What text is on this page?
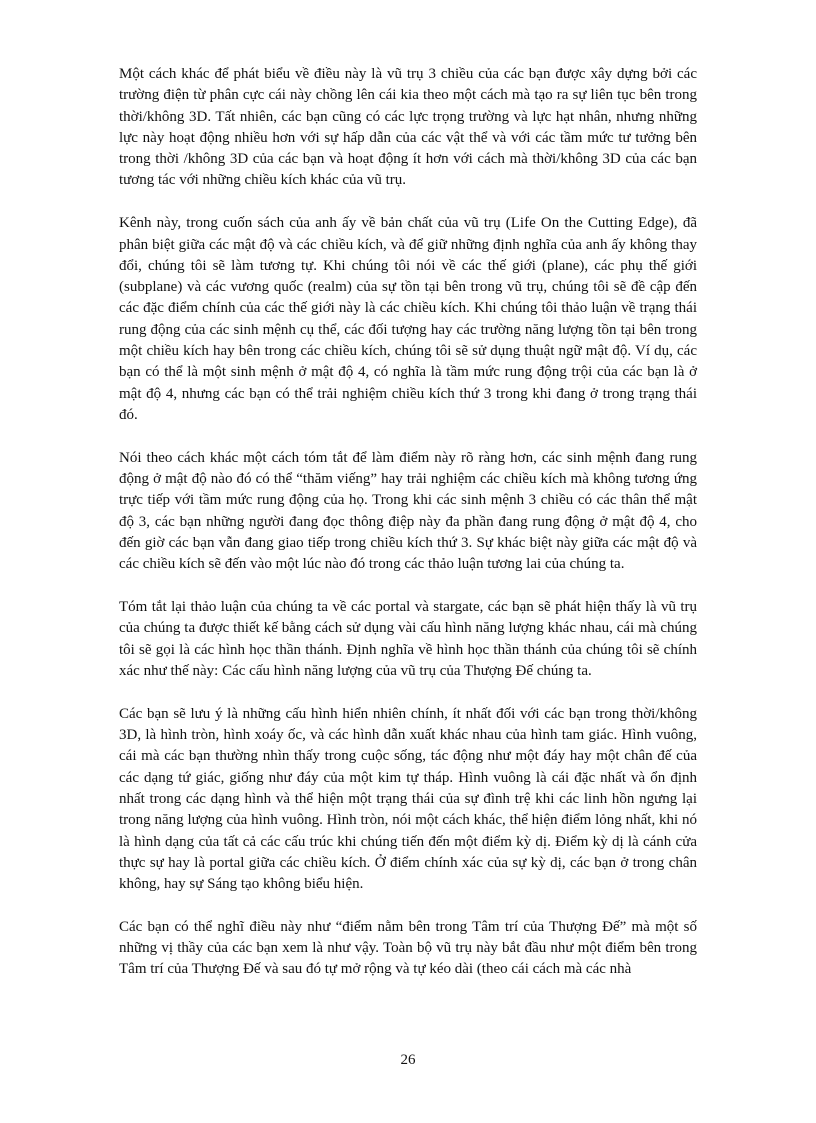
Một cách khác để phát biểu về điều này là vũ trụ 3 chiều của các bạn được xây dựng bởi các trường điện từ phân cực cái này chồng lên cái kia theo một cách mà tạo ra sự liên tục bên trong thời/không 3D. Tất nhiên, các bạn cũng có các lực trọng trường và lực hạt nhân, nhưng những lực này hoạt động nhiều hơn với sự hấp dẫn của các vật thể và với các tầm mức tư tưởng bên trong thời /không 3D của các bạn và hoạt động ít hơn với cách mà thời/không 3D của các bạn tương tác với những chiều kích khác của vũ trụ.

Kênh này, trong cuốn sách của anh ấy về bản chất của vũ trụ (Life On the Cutting Edge), đã phân biệt giữa các mật độ và các chiều kích, và để giữ những định nghĩa của anh ấy không thay đổi, chúng tôi sẽ làm tương tự. Khi chúng tôi nói về các thế giới (plane), các phụ thế giới (subplane) và các vương quốc (realm) của sự tồn tại bên trong vũ trụ, chúng tôi sẽ đề cập đến các đặc điểm chính của các thế giới này là các chiều kích. Khi chúng tôi thảo luận về trạng thái rung động của các sinh mệnh cụ thể, các đối tượng hay các trường năng lượng tồn tại bên trong một chiều kích hay bên trong các chiều kích, chúng tôi sẽ sử dụng thuật ngữ mật độ. Ví dụ, các bạn có thể là một sinh mệnh ở mật độ 4, có nghĩa là tầm mức rung động trội của các bạn là ở mật độ 4, nhưng các bạn có thể trải nghiệm chiều kích thứ 3 trong khi đang ở trong trạng thái đó.

Nói theo cách khác một cách tóm tắt để làm điểm này rõ ràng hơn, các sinh mệnh đang rung động ở mật độ nào đó có thể “thăm viếng” hay trải nghiệm các chiều kích mà không tương ứng trực tiếp với tầm mức rung động của họ. Trong khi các sinh mệnh 3 chiều có các thân thể mật độ 3, các bạn những người đang đọc thông điệp này đa phần đang rung động ở mật độ 4, cho đến giờ các bạn vẫn đang giao tiếp trong chiều kích thứ 3. Sự khác biệt này giữa các mật độ và các chiều kích sẽ đến vào một lúc nào đó trong các thảo luận tương lai của chúng ta.

Tóm tắt lại thảo luận của chúng ta về các portal và stargate, các bạn sẽ phát hiện thấy là vũ trụ của chúng ta được thiết kế bằng cách sử dụng vài cấu hình năng lượng khác nhau, cái mà chúng tôi sẽ gọi là các hình học thần thánh. Định nghĩa về hình học thần thánh của chúng tôi sẽ chính xác như thế này: Các cấu hình năng lượng của vũ trụ của Thượng Đế chúng ta.

Các bạn sẽ lưu ý là những cấu hình hiển nhiên chính, ít nhất đối với các bạn trong thời/không 3D, là hình tròn, hình xoáy ốc, và các hình dẫn xuất khác nhau của hình tam giác. Hình vuông, cái mà các bạn thường nhìn thấy trong cuộc sống, tác động như một đáy hay một chân đế của các dạng tứ giác, giống như đáy của một kim tự tháp. Hình vuông là cái đặc nhất và ổn định nhất trong các dạng hình và thể hiện một trạng thái của sự đình trệ khi các linh hồn ngưng lại trong năng lượng của hình vuông. Hình tròn, nói một cách khác, thể hiện điểm lỏng nhất, khi nó là hình dạng của tất cả các cấu trúc khi chúng tiến đến một điểm kỳ dị. Điểm kỳ dị là cánh cửa thực sự hay là portal giữa các chiều kích. Ở điểm chính xác của sự kỳ dị, các bạn ở trong chân không, hay sự Sáng tạo không biểu hiện.

Các bạn có thể nghĩ điều này như “điểm nằm bên trong Tâm trí của Thượng Đế” mà một số những vị thầy của các bạn xem là như vậy. Toàn bộ vũ trụ này bắt đầu như một điểm bên trong Tâm trí của Thượng Đế và sau đó tự mở rộng và tự kéo dài (theo cái cách mà các nhà

26
